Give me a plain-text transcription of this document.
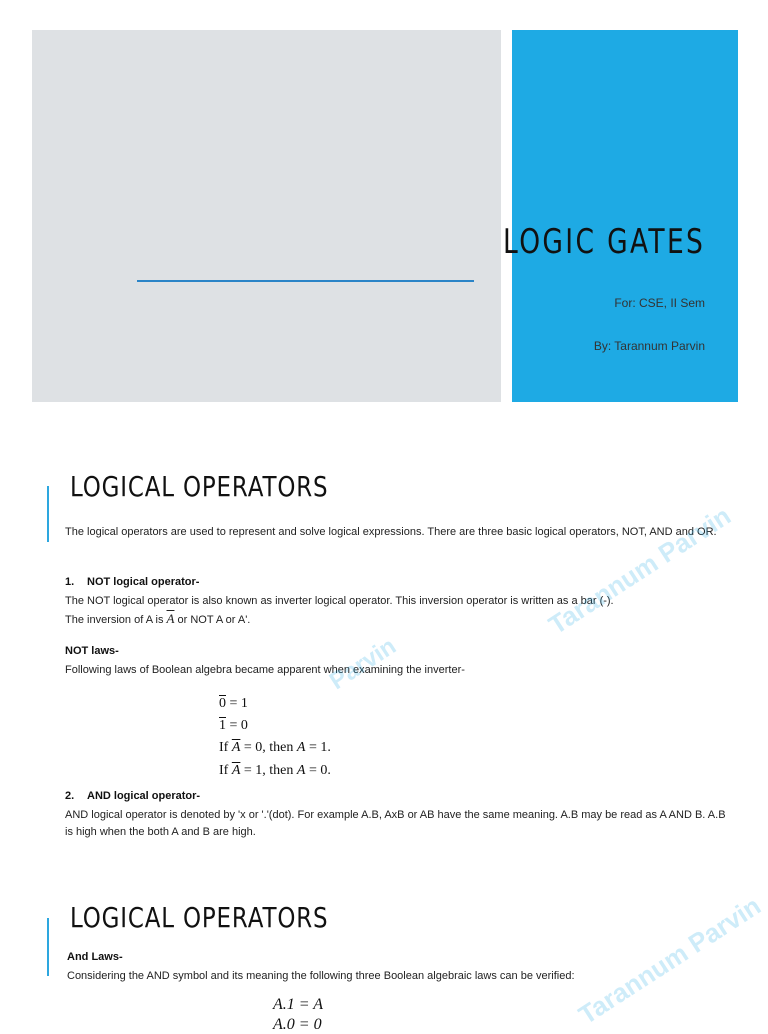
LOGIC GATES
For: CSE, II Sem
By: Tarannum Parvin
LOGICAL OPERATORS
The logical operators are used to represent and solve logical expressions. There are three basic logical operators, NOT, AND and OR.
1. NOT logical operator-
The NOT logical operator is also known as inverter logical operator. This inversion operator is written as a bar (-).
The inversion of A is $\overline{A}$ or NOT A or A'.
NOT laws-
Following laws of Boolean algebra became apparent when examining the inverter-
0 = 1
1 = 0
If $\overline{A} = 0$, then A = 1.
If $\overline{A} = 1$, then A = 0.
2. AND logical operator-
AND logical operator is denoted by 'x or '.'(dot). For example A.B, AxB or AB have the same meaning. A.B may be read as A AND B. A.B is high when the both A and B are high.
Tarannum Parvin
Parvin
LOGICAL OPERATORS
And Laws-
Considering the AND symbol and its meaning the following three Boolean algebraic laws can be verified:
A.1 = A
A.0 = 0	Tarannum Parvin
